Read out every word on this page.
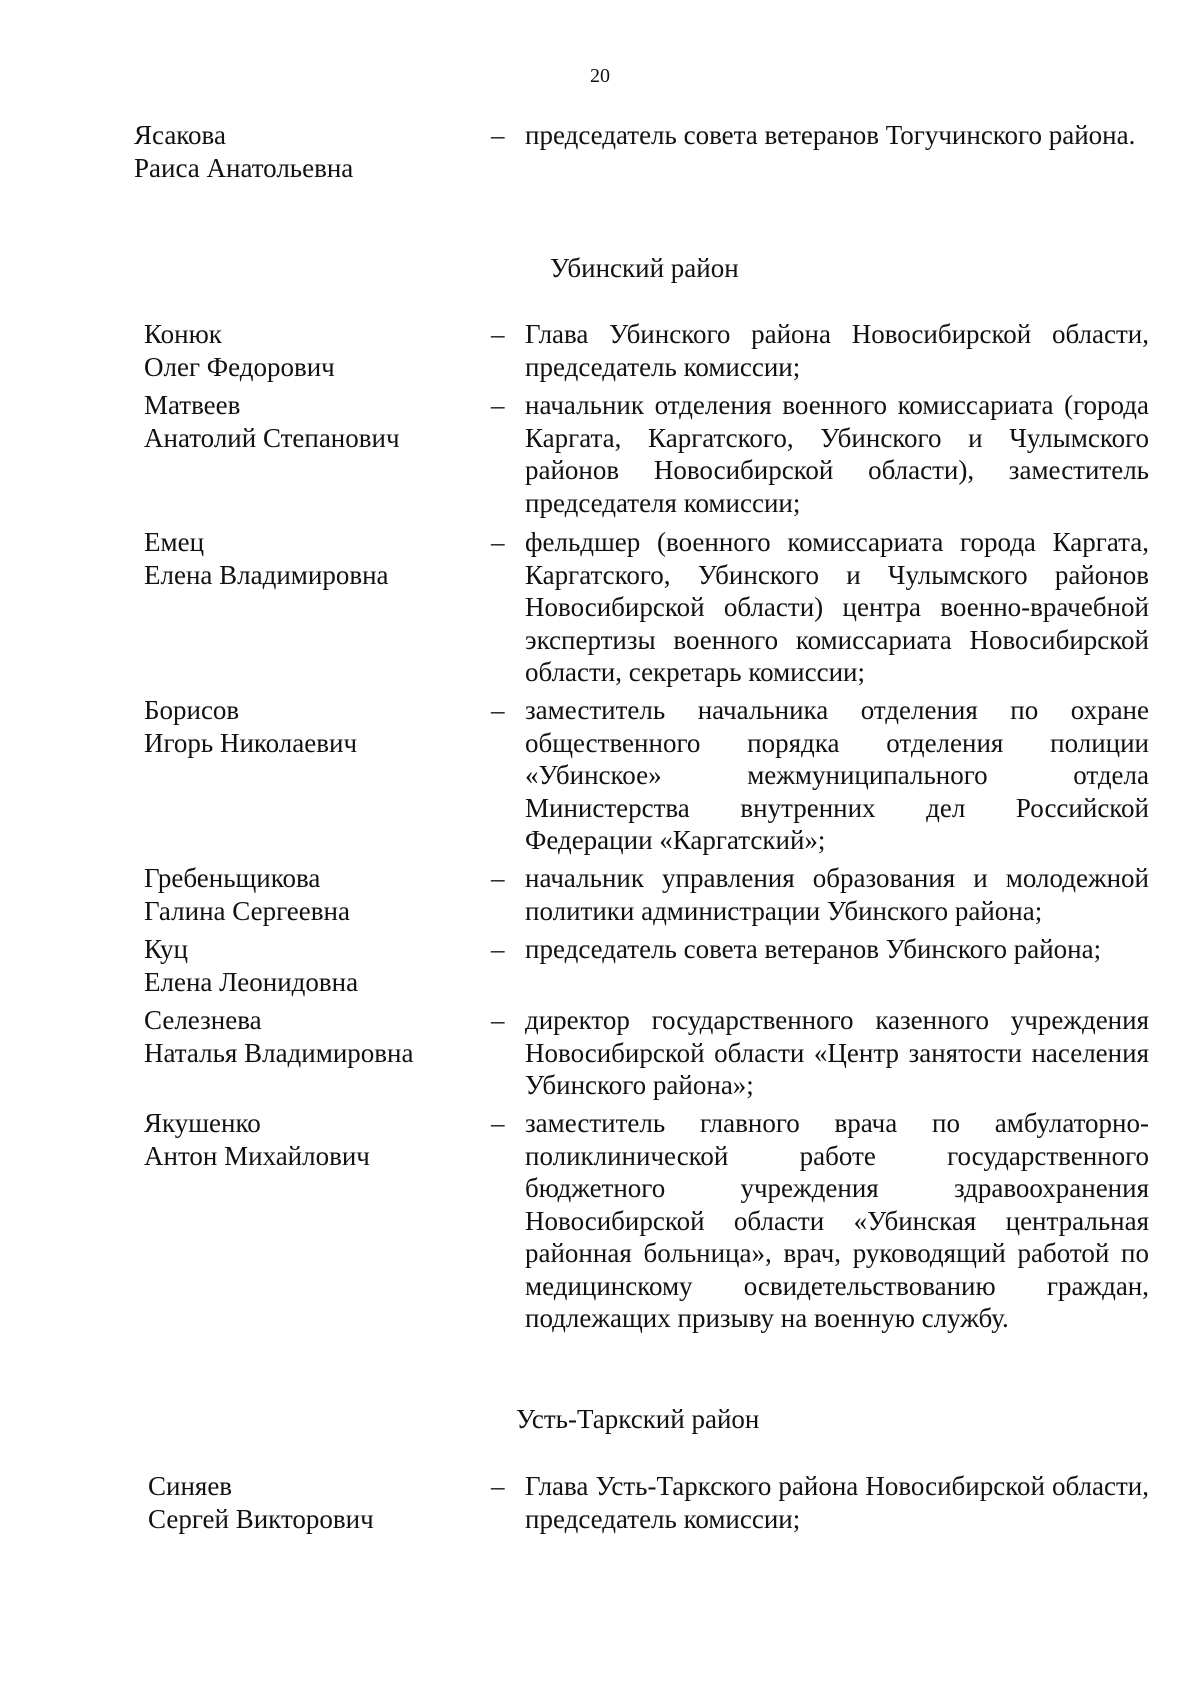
20
Ясакова
Раиса Анатольевна
– председатель совета ветеранов Тогучинского района.
Убинский район
Конюк
Олег Федорович
– Глава Убинского района Новосибирской области, председатель комиссии;
Матвеев
Анатолий Степанович
– начальник отделения военного комиссариата (города Каргата, Каргатского, Убинского и Чулымского районов Новосибирской области), заместитель председателя комиссии;
Емец
Елена Владимировна
– фельдшер (военного комиссариата города Каргата, Каргатского, Убинского и Чулымского районов Новосибирской области) центра военно-врачебной экспертизы военного комиссариата Новосибирской области, секретарь комиссии;
Борисов
Игорь Николаевич
– заместитель начальника отделения по охране общественного порядка отделения полиции «Убинское» межмуниципального отдела Министерства внутренних дел Российской Федерации «Каргатский»;
Гребеньщикова
Галина Сергеевна
– начальник управления образования и молодежной политики администрации Убинского района;
Куц
Елена Леонидовна
– председатель совета ветеранов Убинского района;
Селезнева
Наталья Владимировна
– директор государственного казенного учреждения Новосибирской области «Центр занятости населения Убинского района»;
Якушенко
Антон Михайлович
– заместитель главного врача по амбулаторно-поликлинической работе государственного бюджетного учреждения здравоохранения Новосибирской области «Убинская центральная районная больница», врач, руководящий работой по медицинскому освидетельствованию граждан, подлежащих призыву на военную службу.
Усть-Таркский район
Синяев
Сергей Викторович
– Глава Усть-Таркского района Новосибирской области, председатель комиссии;
